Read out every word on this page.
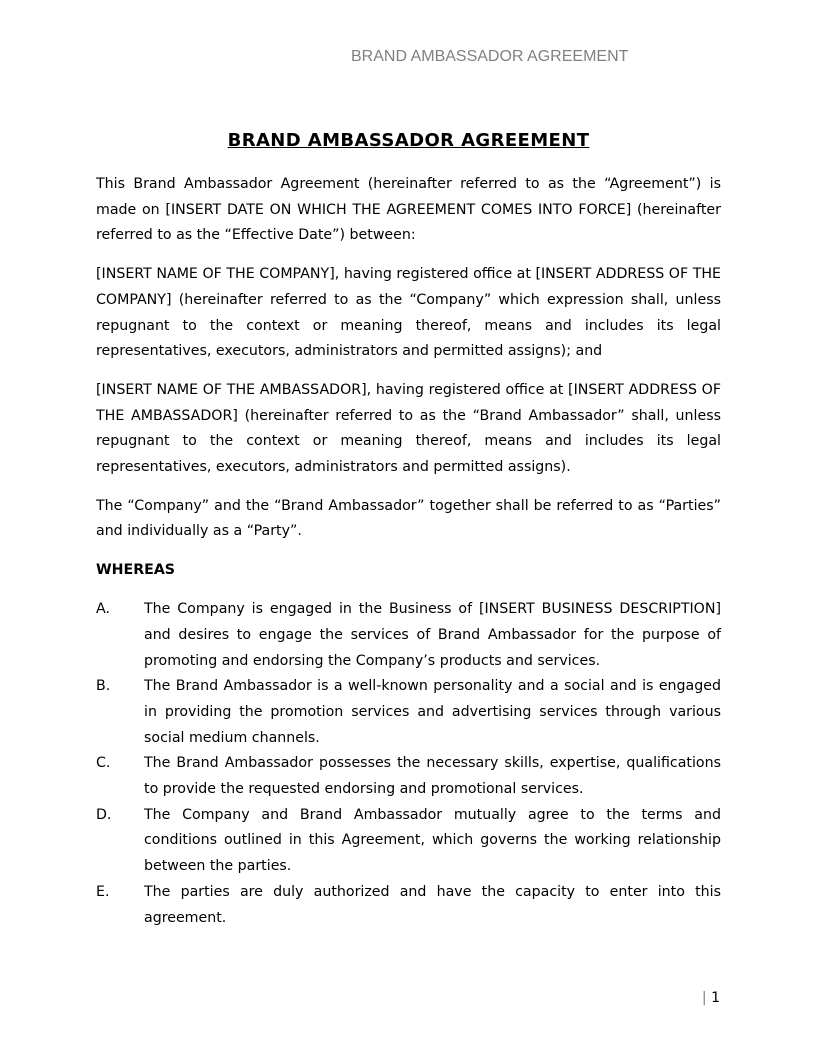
BRAND AMBASSADOR AGREEMENT
BRAND AMBASSADOR AGREEMENT

This Brand Ambassador Agreement (hereinafter referred to as the “Agreement”) is made on [INSERT DATE ON WHICH THE AGREEMENT COMES INTO FORCE] (hereinafter referred to as the “Effective Date”) between:

[INSERT NAME OF THE COMPANY], having registered office at [INSERT ADDRESS OF THE COMPANY] (hereinafter referred to as the “Company” which expression shall, unless repugnant to the context or meaning thereof, means and includes its legal representatives, executors, administrators and permitted assigns); and

[INSERT NAME OF THE AMBASSADOR], having registered office at [INSERT ADDRESS OF THE AMBASSADOR] (hereinafter referred to as the “Brand Ambassador” shall, unless repugnant to the context or meaning thereof, means and includes its legal representatives, executors, administrators and permitted assigns).

The “Company” and the “Brand Ambassador” together shall be referred to as “Parties” and individually as a “Party”.

WHEREAS
A.	The Company is engaged in the Business of [INSERT BUSINESS DESCRIPTION] and desires to engage the services of Brand Ambassador for the purpose of promoting and endorsing the Company’s products and services.
B.	The Brand Ambassador is a well-known personality and a social and is engaged in providing the promotion services and advertising services through various social medium channels.
C.	The Brand Ambassador possesses the necessary skills, expertise, qualifications to provide the requested endorsing and promotional services.
D.	The Company and Brand Ambassador mutually agree to the terms and conditions outlined in this Agreement, which governs the working relationship between the parties.
E.	The parties are duly authorized and have the capacity to enter into this agreement.
| 1
